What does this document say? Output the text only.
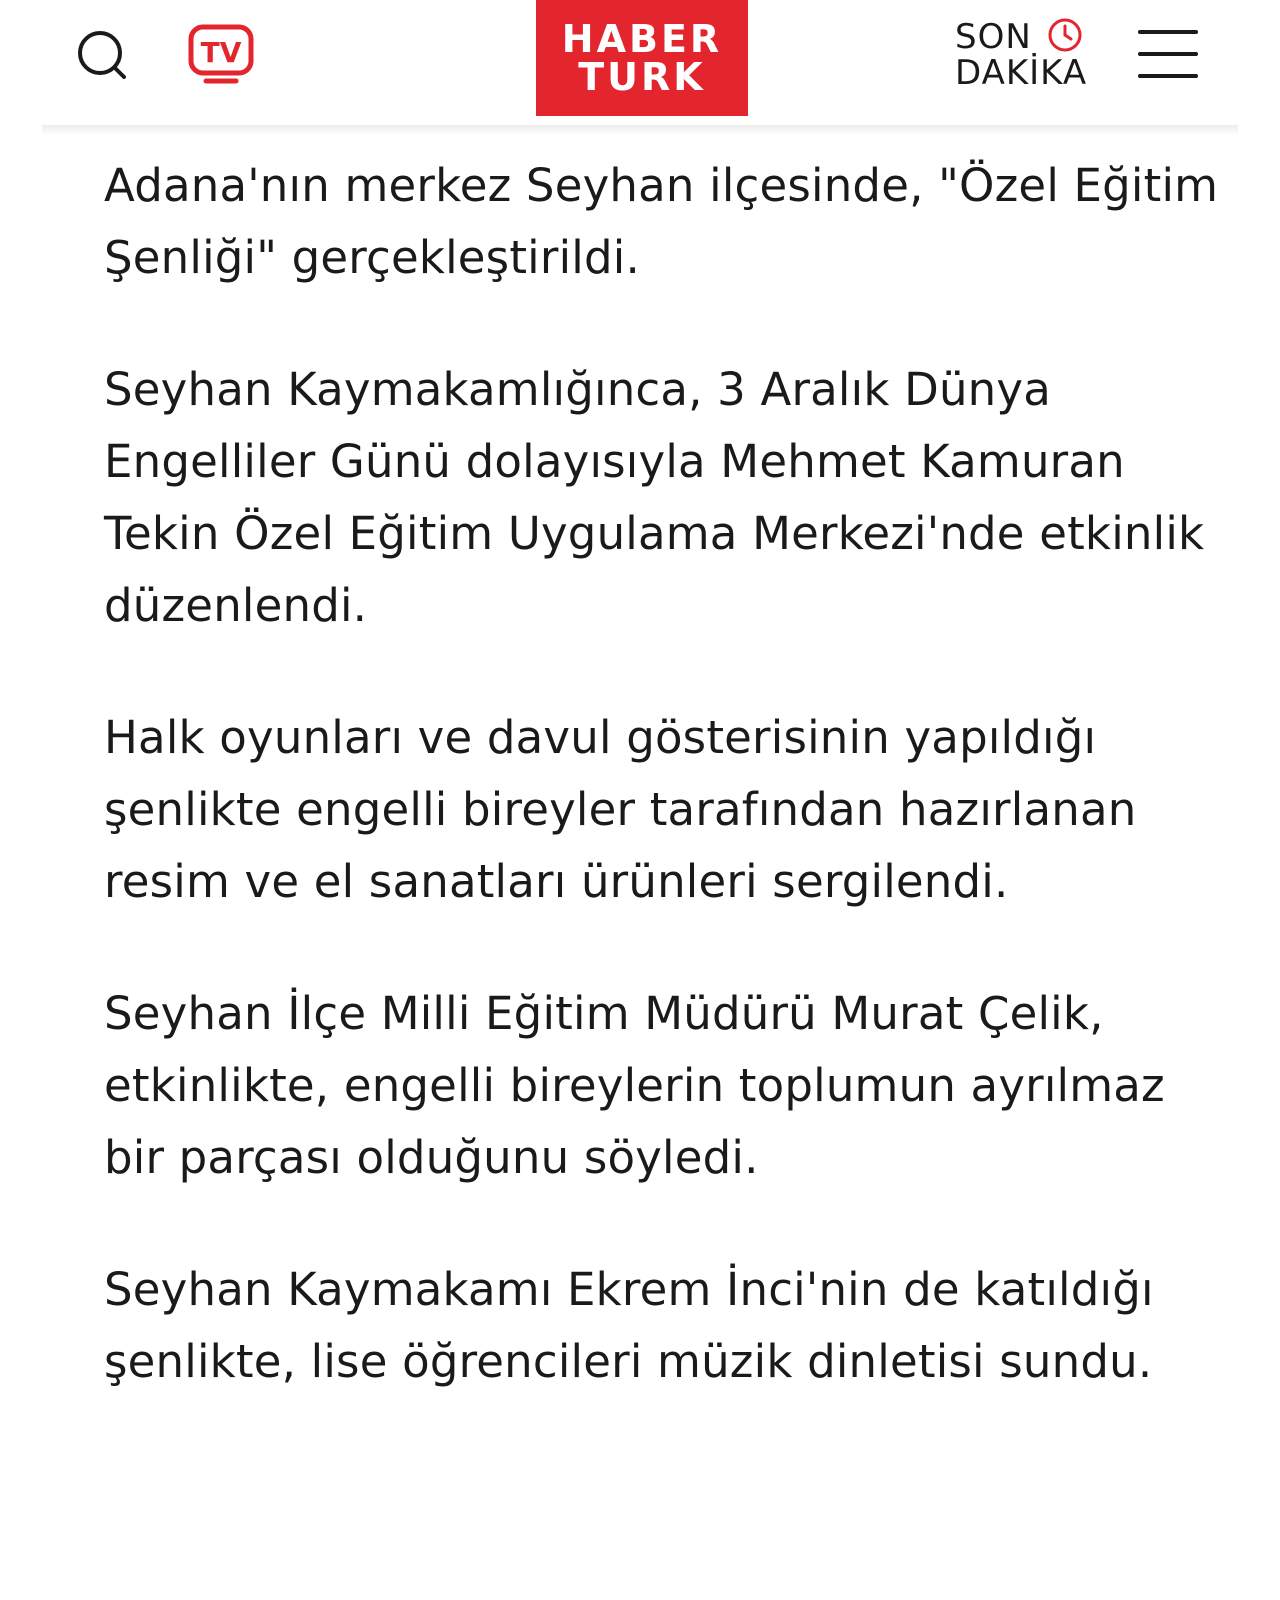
TV	HABER
TURK
SON
DAKİKA

Adana'nın merkez Seyhan ilçesinde, "Özel Eğitim Şenliği" gerçekleştirildi.

Seyhan Kaymakamlığınca, 3 Aralık Dünya Engelliler Günü dolayısıyla Mehmet Kamuran Tekin Özel Eğitim Uygulama Merkezi'nde etkinlik düzenlendi.

Halk oyunları ve davul gösterisinin yapıldığı şenlikte engelli bireyler tarafından hazırlanan resim ve el sanatları ürünleri sergilendi.

Seyhan İlçe Milli Eğitim Müdürü Murat Çelik, etkinlikte, engelli bireylerin toplumun ayrılmaz bir parçası olduğunu söyledi.

Seyhan Kaymakamı Ekrem İnci'nin de katıldığı şenlikte, lise öğrencileri müzik dinletisi sundu.
